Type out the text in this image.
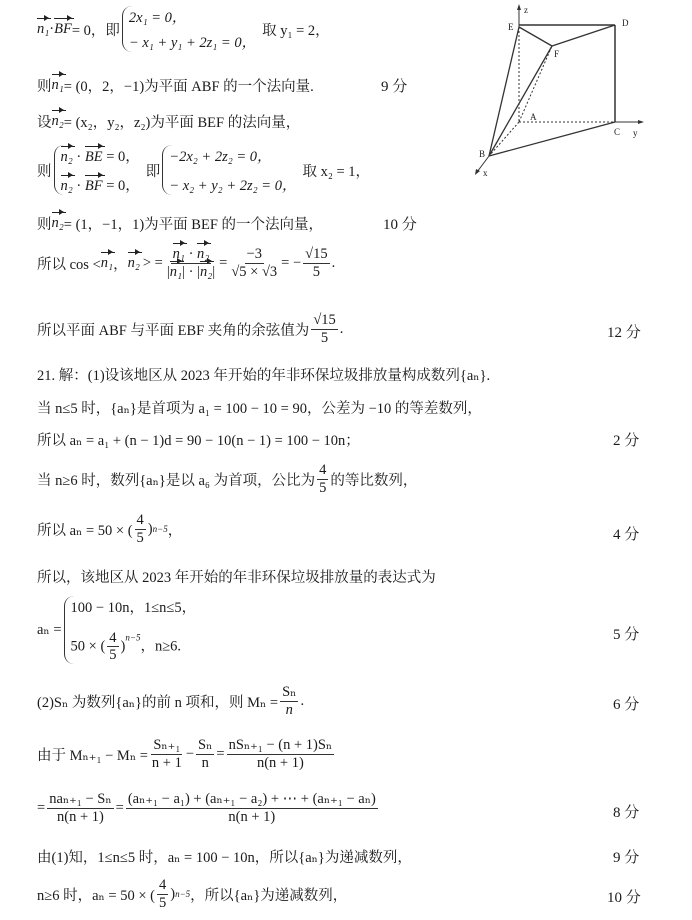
z
E	D
F
A
C y
B
x
n₁ · BF = 0，即
2x₁ = 0，
− x₁ + y₁ + 2z₁ = 0，
取 y₁ = 2，
则 n₁ = (0，2，−1)为平面 ABF 的一个法向量.	9 分
设 n₂ = (x₂，y₂，z₂)为平面 BEF 的法向量，
则
n₂ · BE = 0，
n₂ · BF = 0，
即
−2x₂ + 2z₂ = 0，
− x₂ + y₂ + 2z₂ = 0，
取 x₂ = 1，
则 n₂ = (1，−1，1)为平面 BEF 的一个法向量，	10 分
所以 cos < n₁ ， n₂ > = $\frac{\text{n₁ · n₂}}{\text{|n₁| · |n₂|}} = \frac{-3}{√5 \times √3}$ = − $\frac{√15}{5}$ .
所以平面 ABF 与平面 EBF 夹角的余弦值为 $\frac{√15}{5}$ .	12 分
21. 解：(1)设该地区从 2023 年开始的年非环保垃圾排放量构成数列{aₙ}.
当 n≤5 时，{aₙ}是首项为 a₁ = 100 − 10 = 90，公差为 −10 的等差数列，
所以 aₙ = a₁ + (n − 1)d = 90 − 10(n − 1) = 100 − 10n；	2 分
当 n≥6 时，数列{aₙ}是以 a₆ 为首项，公比为 $\frac{4}{5}$ 的等比数列，
所以 aₙ = 50 × ( $\frac{4}{5}$ ) n−5 ，	4 分
所以，该地区从 2023 年开始的年非环保垃圾排放量的表达式为
aₙ =
100 − 10n，1≤n≤5，
50 × ( $\frac{4}{5} )^{n-5}$，n≥6.
5 分
(2)Sₙ 为数列{aₙ}的前 n 项和，则 $M_n = \frac{\text{Sₙ}}{n}$ .	6 分
由于 $M_{n+1} - M_n = \frac{\text{Sₙ₊₁}}{n + 1} - \frac{\text{Sₙ}}{n} = \frac{\text{nSₙ₊₁ − (n + 1)Sₙ}}{n(n + 1)}$
= $\frac{\text{naₙ₊₁ − Sₙ}}{n(n + 1)} = \frac{\text{(aₙ₊₁ − a₁) + (aₙ₊₁ − a₂) + ⋯ + (aₙ₊₁ − aₙ)}}{n(n + 1)}$	8 分
由(1)知，1≤n≤5 时，aₙ = 100 − 10n，所以{aₙ}为递减数列，	9 分
n≥6 时，aₙ = 50 × ( $\frac{4}{5}$ ) n−5 ，所以{aₙ}为递减数列，	10 分
